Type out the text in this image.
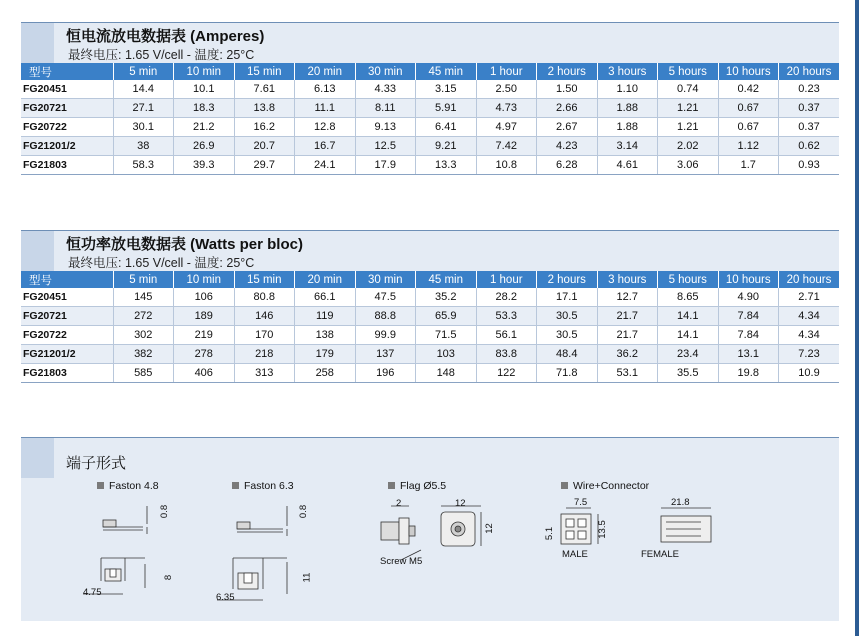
恒电流放电数据表 (Amperes)
最终电压: 1.65 V/cell - 温度: 25°C
型号	5 min	10 min	15 min	20 min	30 min	45 min	1 hour	2 hours	3 hours	5 hours	10 hours	20 hours
FG20451	14.4	10.1	7.61	6.13	4.33	3.15	2.50	1.50	1.10	0.74	0.42	0.23
FG20721	27.1	18.3	13.8	11.1	8.11	5.91	4.73	2.66	1.88	1.21	0.67	0.37
FG20722	30.1	21.2	16.2	12.8	9.13	6.41	4.97	2.67	1.88	1.21	0.67	0.37
FG21201/2	38	26.9	20.7	16.7	12.5	9.21	7.42	4.23	3.14	2.02	1.12	0.62
FG21803	58.3	39.3	29.7	24.1	17.9	13.3	10.8	6.28	4.61	3.06	1.7	0.93
恒功率放电数据表 (Watts per bloc)
最终电压: 1.65 V/cell - 温度: 25°C
型号	5 min	10 min	15 min	20 min	30 min	45 min	1 hour	2 hours	3 hours	5 hours	10 hours	20 hours
FG20451	145	106	80.8	66.1	47.5	35.2	28.2	17.1	12.7	8.65	4.90	2.71
FG20721	272	189	146	119	88.8	65.9	53.3	30.5	21.7	14.1	7.84	4.34
FG20722	302	219	170	138	99.9	71.5	56.1	30.5	21.7	14.1	7.84	4.34
FG21201/2	382	278	218	179	137	103	83.8	48.4	36.2	23.4	13.1	7.23
FG21803	585	406	313	258	196	148	122	71.8	53.1	35.5	19.8	10.9
端子形式
Faston 4.8
0.8
8
4.75
Faston 6.3
0.8
11
6.35
Flag Ø5.5
2	12
12
Screw M5
Wire+Connector
7.5
5.1	13.5
21.8
MALE	FEMALE
